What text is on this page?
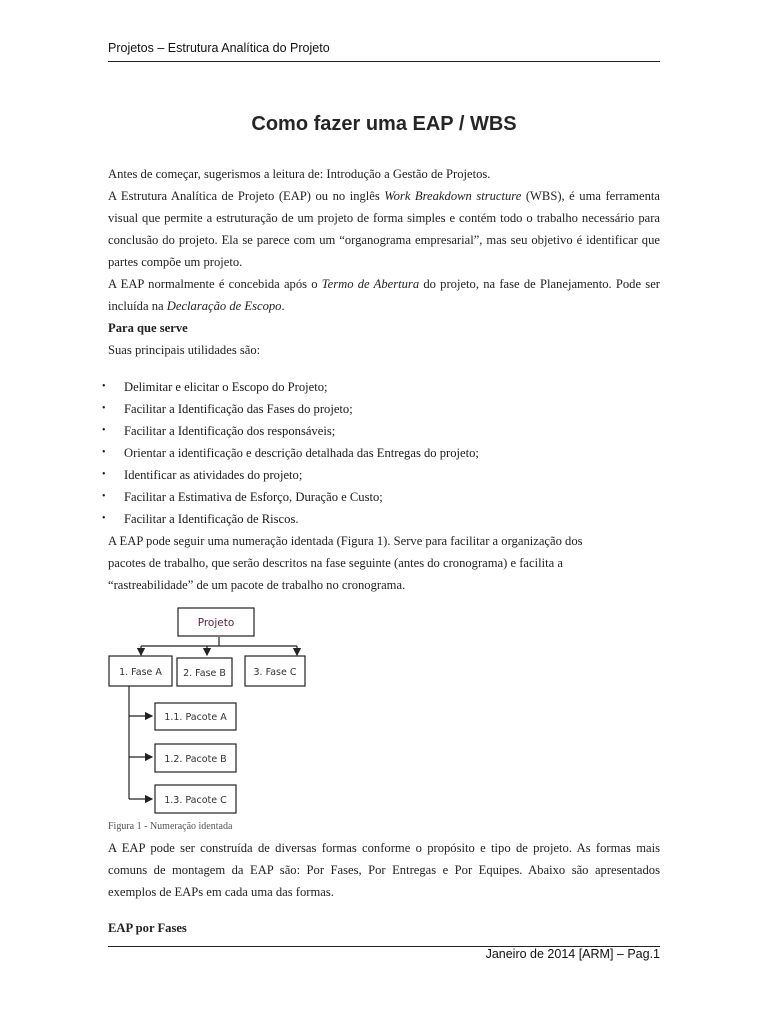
Projetos – Estrutura Analítica do Projeto
Como fazer uma EAP / WBS
Antes de começar, sugerismos a leitura de: Introdução a Gestão de Projetos.
A Estrutura Analítica de Projeto (EAP) ou no inglês Work Breakdown structure (WBS), é uma ferramenta visual que permite a estruturação de um projeto de forma simples e contém todo o trabalho necessário para conclusão do projeto. Ela se parece com um “organograma empresarial”, mas seu objetivo é identificar que partes compõe um projeto.
A EAP normalmente é concebida após o Termo de Abertura do projeto, na fase de Planejamento. Pode ser incluída na Declaração de Escopo.
Para que serve
Suas principais utilidades são:
• Delimitar e elicitar o Escopo do Projeto;
• Facilitar a Identificação das Fases do projeto;
• Facilitar a Identificação dos responsáveis;
• Orientar a identificação e descrição detalhada das Entregas do projeto;
• Identificar as atividades do projeto;
• Facilitar a Estimativa de Esforço, Duração e Custo;
• Facilitar a Identificação de Riscos.
A EAP pode seguir uma numeração identada (Figura 1). Serve para facilitar a organização dos
pacotes de trabalho, que serão descritos na fase seguinte (antes do cronograma) e facilita a
“rastreabilidade” de um pacote de trabalho no cronograma.
Projeto
1. Fase A 2. Fase B	3. Fase C
1.1. Pacote A
1.2. Pacote B
1.3. Pacote C
Figura 1 - Numeração identada
A EAP pode ser construída de diversas formas conforme o propósito e tipo de projeto. As formas mais comuns de montagem da EAP são: Por Fases, Por Entregas e Por Equipes. Abaixo são apresentados exemplos de EAPs em cada uma das formas.
EAP por Fases
Janeiro de 2014 [ARM] – Pag.1
